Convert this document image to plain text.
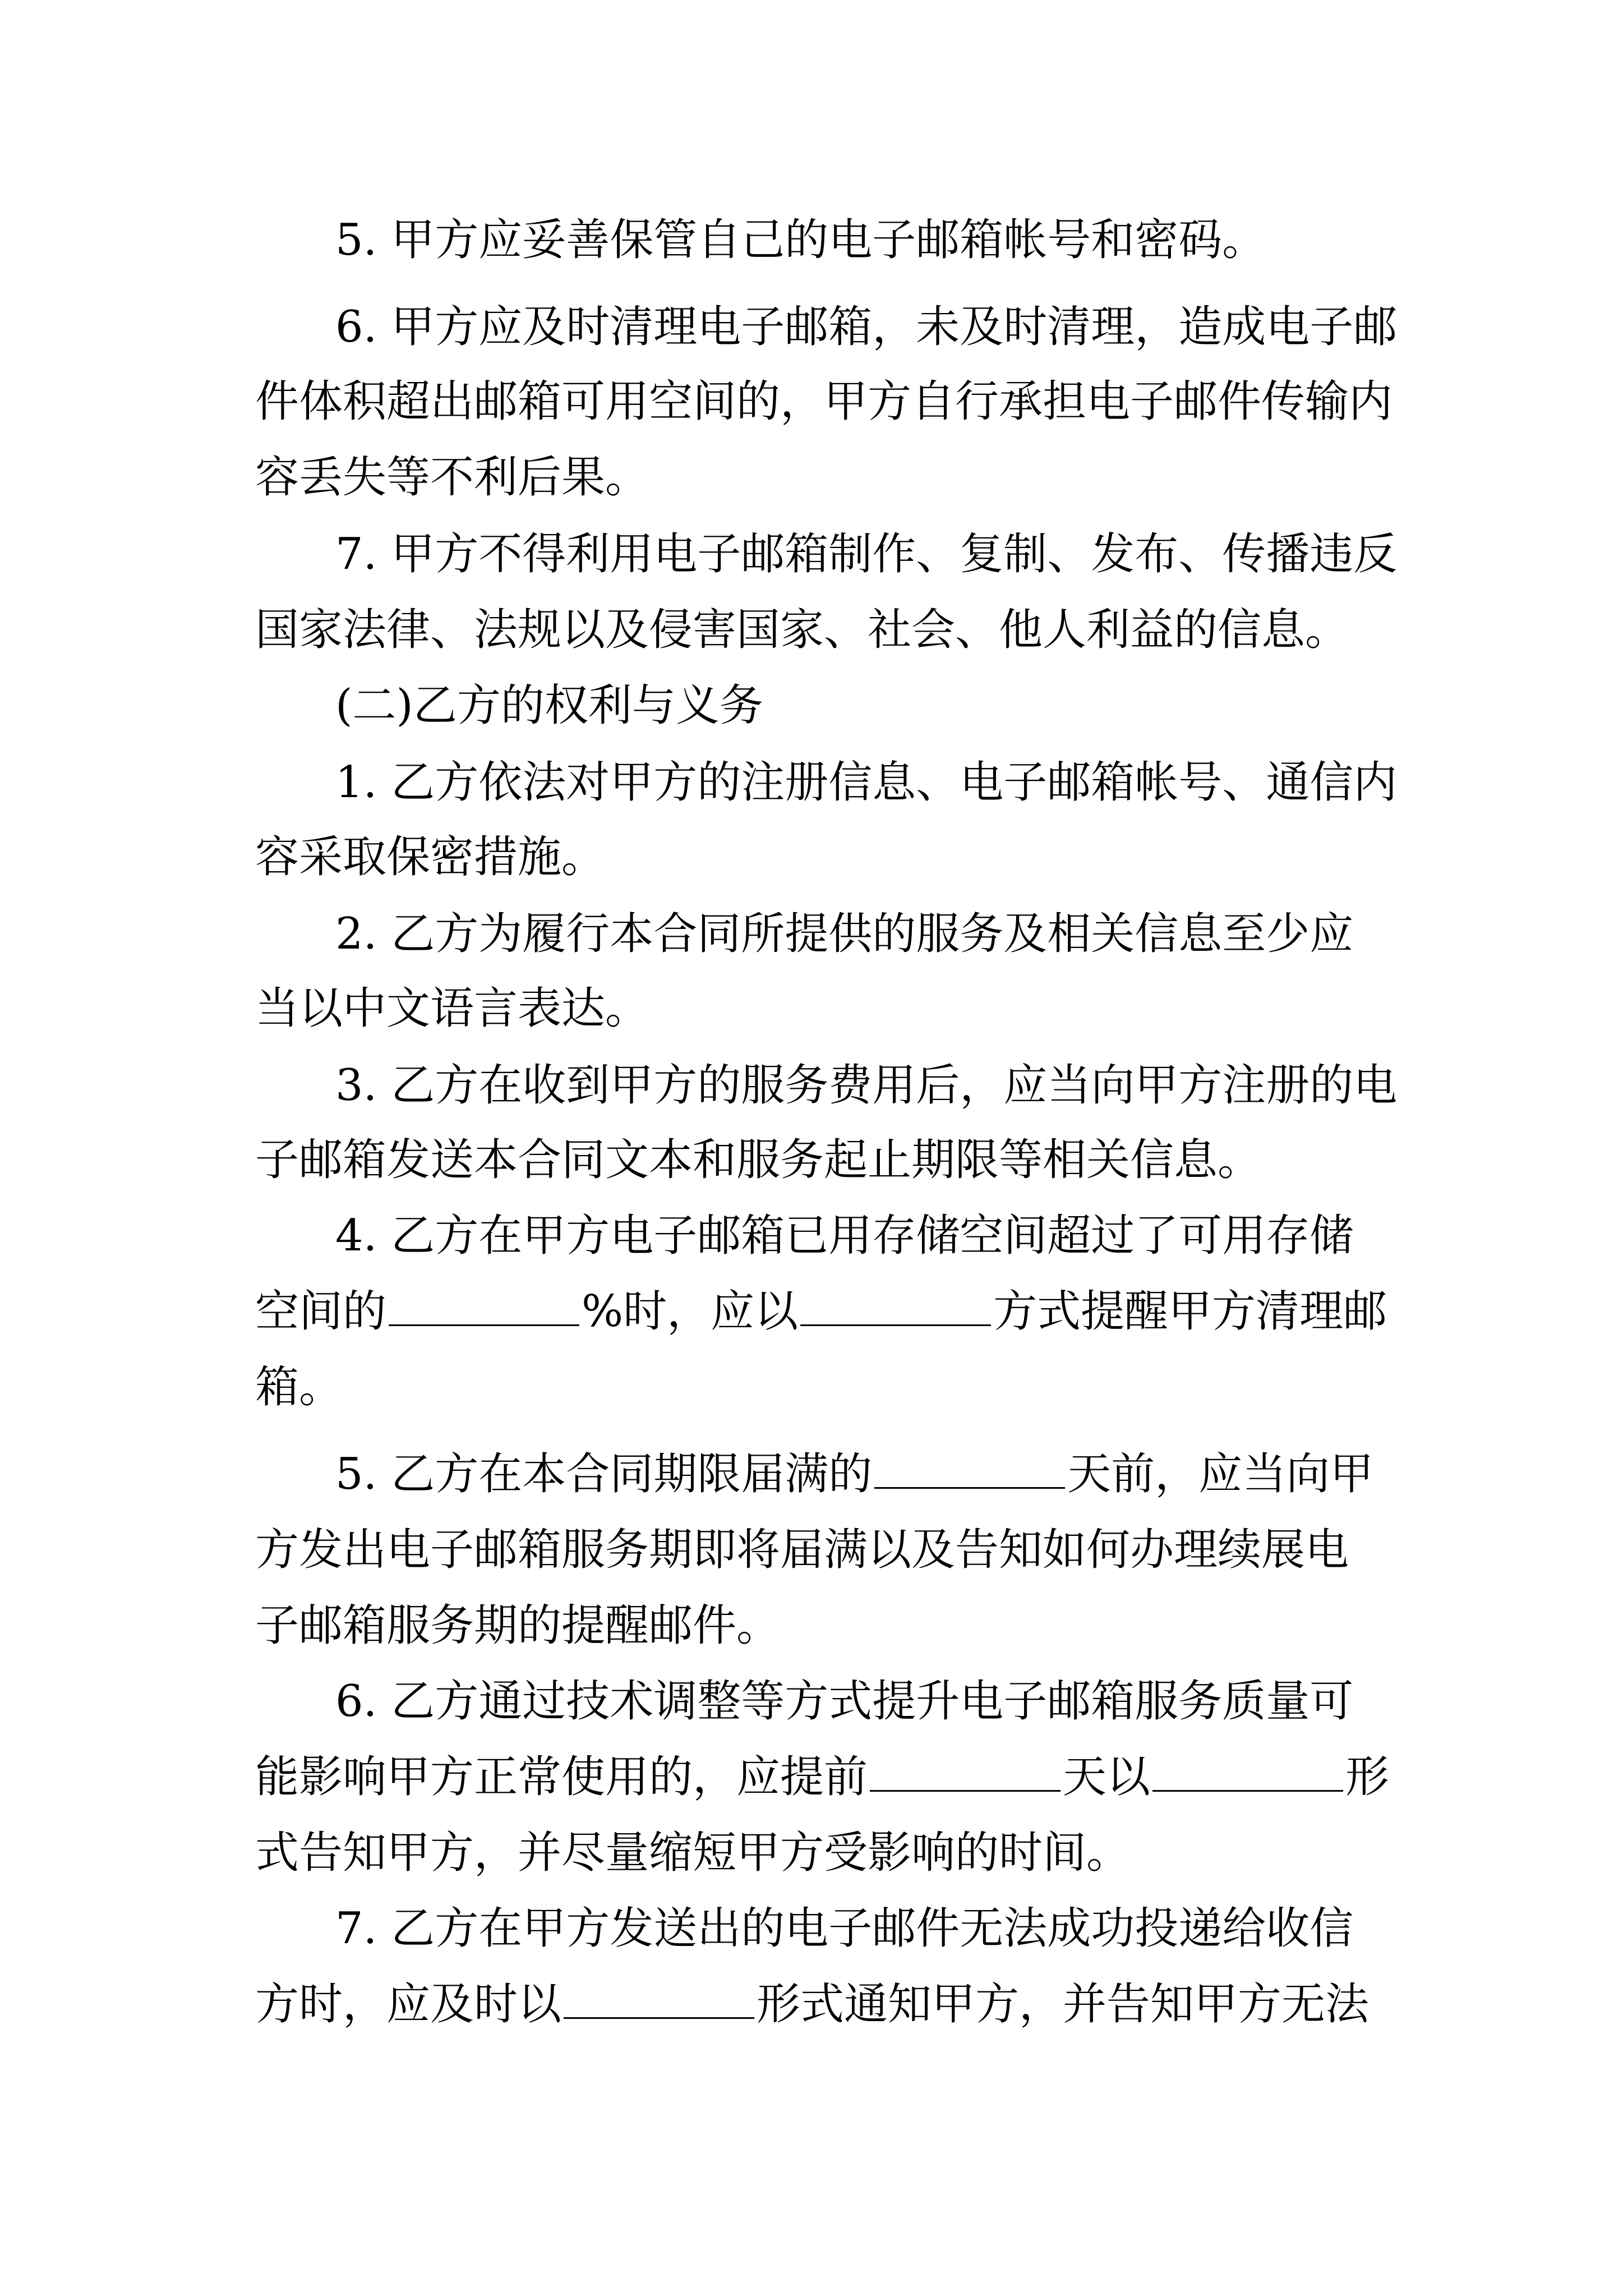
5. 甲方应妥善保管自己的电子邮箱帐号和密码。
6. 甲方应及时清理电子邮箱，未及时清理，造成电子邮
件体积超出邮箱可用空间的，甲方自行承担电子邮件传输内
容丢失等不利后果。
7. 甲方不得利用电子邮箱制作、复制、发布、传播违反
国家法律、法规以及侵害国家、社会、他人利益的信息。
(二)乙方的权利与义务
1. 乙方依法对甲方的注册信息、电子邮箱帐号、通信内
容采取保密措施。
2. 乙方为履行本合同所提供的服务及相关信息至少应
当以中文语言表达。
3. 乙方在收到甲方的服务费用后，应当向甲方注册的电
子邮箱发送本合同文本和服务起止期限等相关信息。
4. 乙方在甲方电子邮箱已用存储空间超过了可用存储
空间的	%时，应以	方式提醒甲方清理邮
箱。
5. 乙方在本合同期限届满的	天前，应当向甲
方发出电子邮箱服务期即将届满以及告知如何办理续展电
子邮箱服务期的提醒邮件。
6. 乙方通过技术调整等方式提升电子邮箱服务质量可
能影响甲方正常使用的，应提前	天以	形
式告知甲方，并尽量缩短甲方受影响的时间。
7. 乙方在甲方发送出的电子邮件无法成功投递给收信
方时，应及时以	形式通知甲方，并告知甲方无法
